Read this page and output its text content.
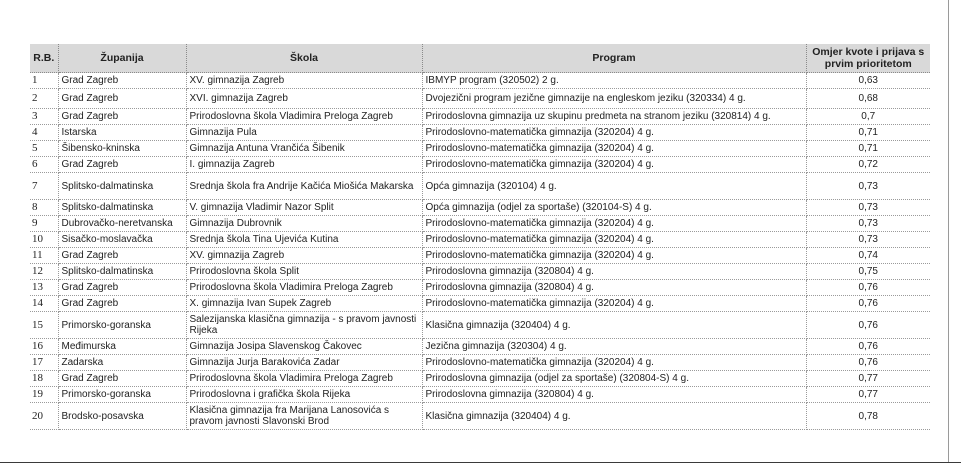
R.B.	Županija	Škola	Program	Omjer kvote i prijava s prvim prioritetom
1	Grad Zagreb	XV. gimnazija Zagreb	IBMYP program (320502) 2 g.	0,63
2	Grad Zagreb	XVI. gimnazija Zagreb	Dvojezični program jezične gimnazije na engleskom jeziku (320334) 4 g.	0,68
3	Grad Zagreb	Prirodoslovna škola Vladimira Preloga Zagreb	Prirodoslovna gimnazija uz skupinu predmeta na stranom jeziku (320814) 4 g.	0,7
4	Istarska	Gimnazija Pula	Prirodoslovno-matematička gimnazija (320204) 4 g.	0,71
5	Šibensko-kninska	Gimnazija Antuna Vrančića Šibenik	Prirodoslovno-matematička gimnazija (320204) 4 g.	0,71
6	Grad Zagreb	I. gimnazija Zagreb	Prirodoslovno-matematička gimnazija (320204) 4 g.	0,72
7	Splitsko-dalmatinska	Srednja škola fra Andrije Kačića Miošića Makarska	Opća gimnazija (320104) 4 g.	0,73
8	Splitsko-dalmatinska	V. gimnazija Vladimir Nazor Split	Opća gimnazija (odjel za sportaše) (320104-S) 4 g.	0,73
9	Dubrovačko-neretvanska	Gimnazija Dubrovnik	Prirodoslovno-matematička gimnazija (320204) 4 g.	0,73
10	Sisačko-moslavačka	Srednja škola Tina Ujevića Kutina	Prirodoslovno-matematička gimnazija (320204) 4 g.	0,73
11	Grad Zagreb	XV. gimnazija Zagreb	Prirodoslovno-matematička gimnazija (320204) 4 g.	0,74
12	Splitsko-dalmatinska	Prirodoslovna škola Split	Prirodoslovna gimnazija (320804) 4 g.	0,75
13	Grad Zagreb	Prirodoslovna škola Vladimira Preloga Zagreb	Prirodoslovna gimnazija (320804) 4 g.	0,76
14	Grad Zagreb	X. gimnazija Ivan Supek Zagreb	Prirodoslovno-matematička gimnazija (320204) 4 g.	0,76
15	Primorsko-goranska	Salezijanska klasična gimnazija - s pravom javnosti Rijeka	Klasična gimnazija (320404) 4 g.	0,76
16	Međimurska	Gimnazija Josipa Slavenskog Čakovec	Jezična gimnazija (320304) 4 g.	0,76
17	Zadarska	Gimnazija Jurja Barakovića Zadar	Prirodoslovno-matematička gimnazija (320204) 4 g.	0,76
18	Grad Zagreb	Prirodoslovna škola Vladimira Preloga Zagreb	Prirodoslovna gimnazija (odjel za sportaše) (320804-S) 4 g.	0,77
19	Primorsko-goranska	Prirodoslovna i grafička škola Rijeka	Prirodoslovna gimnazija (320804) 4 g.	0,77
20	Brodsko-posavska	Klasična gimnazija fra Marijana Lanosovića s pravom javnosti Slavonski Brod	Klasična gimnazija (320404) 4 g.	0,78
